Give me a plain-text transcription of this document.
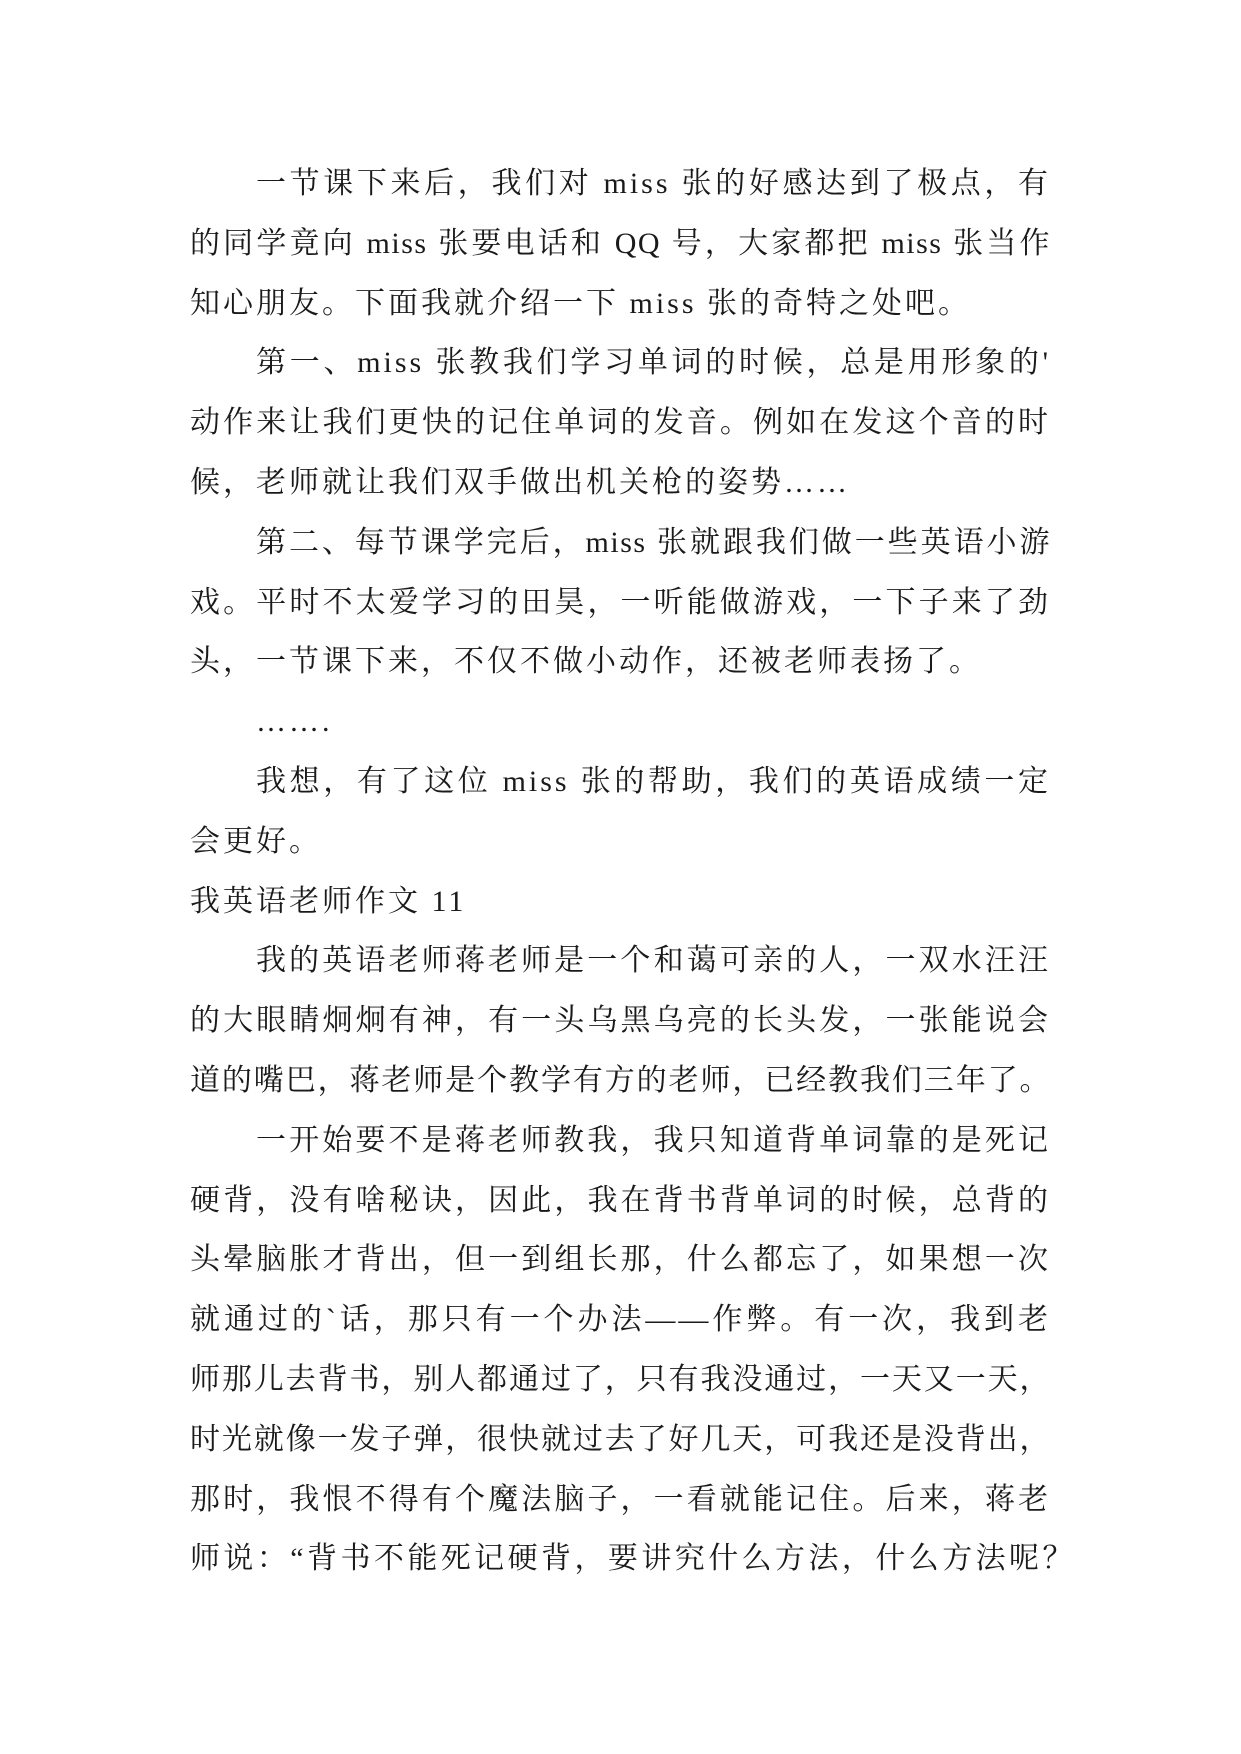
一节课下来后，我们对 miss 张的好感达到了极点，有
的同学竟向 miss 张要电话和 QQ 号，大家都把 miss 张当作
知心朋友。下面我就介绍一下 miss 张的奇特之处吧。
第一、miss 张教我们学习单词的时候，总是用形象的'
动作来让我们更快的记住单词的发音。例如在发这个音的时
候，老师就让我们双手做出机关枪的姿势……
第二、每节课学完后，miss 张就跟我们做一些英语小游
戏。平时不太爱学习的田昊，一听能做游戏，一下子来了劲
头，一节课下来，不仅不做小动作，还被老师表扬了。
…….
我想，有了这位 miss 张的帮助，我们的英语成绩一定
会更好。
我英语老师作文 11
我的英语老师蒋老师是一个和蔼可亲的人，一双水汪汪
的大眼睛炯炯有神，有一头乌黑乌亮的长头发，一张能说会
道的嘴巴，蒋老师是个教学有方的老师，已经教我们三年了。
一开始要不是蒋老师教我，我只知道背单词靠的是死记
硬背，没有啥秘诀，因此，我在背书背单词的时候，总背的
头晕脑胀才背出，但一到组长那，什么都忘了，如果想一次
就通过的`话，那只有一个办法——作弊。有一次，我到老
师那儿去背书，别人都通过了，只有我没通过，一天又一天，
时光就像一发子弹，很快就过去了好几天，可我还是没背出，
那时，我恨不得有个魔法脑子，一看就能记住。后来，蒋老
师说：“背书不能死记硬背，要讲究什么方法，什么方法呢？
